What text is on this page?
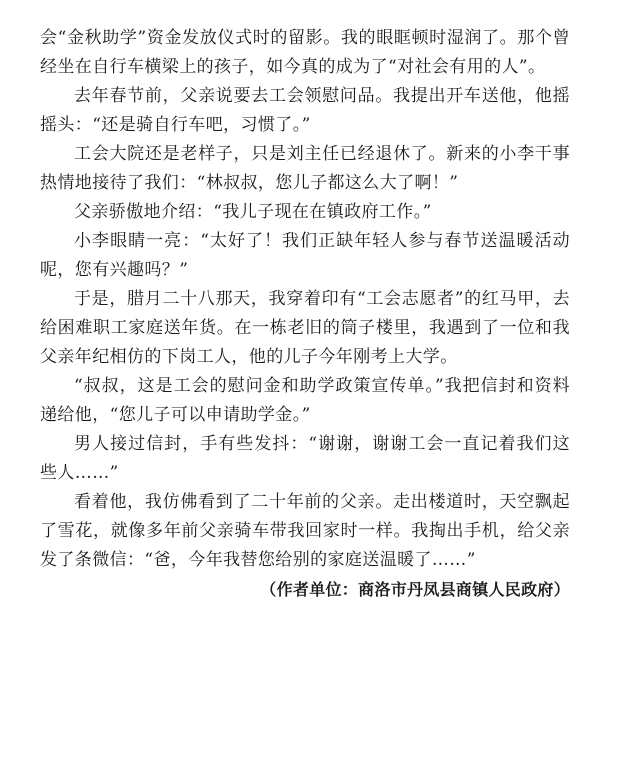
会“金秋助学”资金发放仪式时的留影。我的眼眶顿时湿润了。那个曾经坐在自行车横梁上的孩子，如今真的成为了“对社会有用的人”。

去年春节前，父亲说要去工会领慰问品。我提出开车送他，他摇摇头：“还是骑自行车吧，习惯了。”

工会大院还是老样子，只是刘主任已经退休了。新来的小李干事热情地接待了我们：“林叔叔，您儿子都这么大了啊！”

父亲骄傲地介绍：“我儿子现在在镇政府工作。”

小李眼睛一亮：“太好了！我们正缺年轻人参与春节送温暖活动呢，您有兴趣吗？”

于是，腊月二十八那天，我穿着印有“工会志愿者”的红马甲，去给困难职工家庭送年货。在一栋老旧的筒子楼里，我遇到了一位和我父亲年纪相仿的下岗工人，他的儿子今年刚考上大学。

“叔叔，这是工会的慰问金和助学政策宣传单。”我把信封和资料递给他，“您儿子可以申请助学金。”

男人接过信封，手有些发抖：“谢谢，谢谢工会一直记着我们这些人……”

看着他，我仿佛看到了二十年前的父亲。走出楼道时，天空飘起了雪花，就像多年前父亲骑车带我回家时一样。我掏出手机，给父亲发了条微信：“爸，今年我替您给别的家庭送温暖了……”

（作者单位：商洛市丹凤县商镇人民政府）
